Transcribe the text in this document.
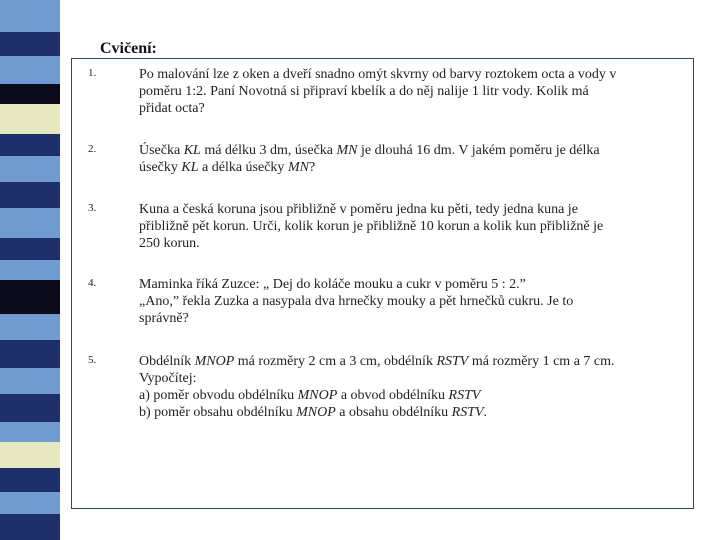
Cvičení:
1.	Po malování lze z oken a dveří snadno omýt skvrny od barvy roztokem octa a vody v
poměru 1:2. Paní Novotná si připraví kbelík a do něj nalije 1 litr vody. Kolik má
přidat octa?
2.	Úsečka KL má délku 3 dm, úsečka MN je dlouhá 16 dm. V jakém poměru je délka
úsečky KL a délka úsečky MN?
3.	Kuna a česká koruna jsou přibližně v poměru jedna ku pěti, tedy jedna kuna je
přibližně pět korun. Urči, kolik korun je přibližně 10 korun a kolik kun přibližně je
250 korun.
4.	Maminka říká Zuzce: „ Dej do koláče mouku a cukr v poměru 5 : 2.”
„Ano,” řekla Zuzka a nasypala dva hrnečky mouky a pět hrnečků cukru. Je to
správně?
5.	Obdélník MNOP má rozměry 2 cm a 3 cm, obdélník RSTV má rozměry 1 cm a 7 cm.
Vypočítej:
a) poměr obvodu obdélníku MNOP a obvod obdélníku RSTV
b) poměr obsahu obdélníku MNOP a obsahu obdélníku RSTV.
